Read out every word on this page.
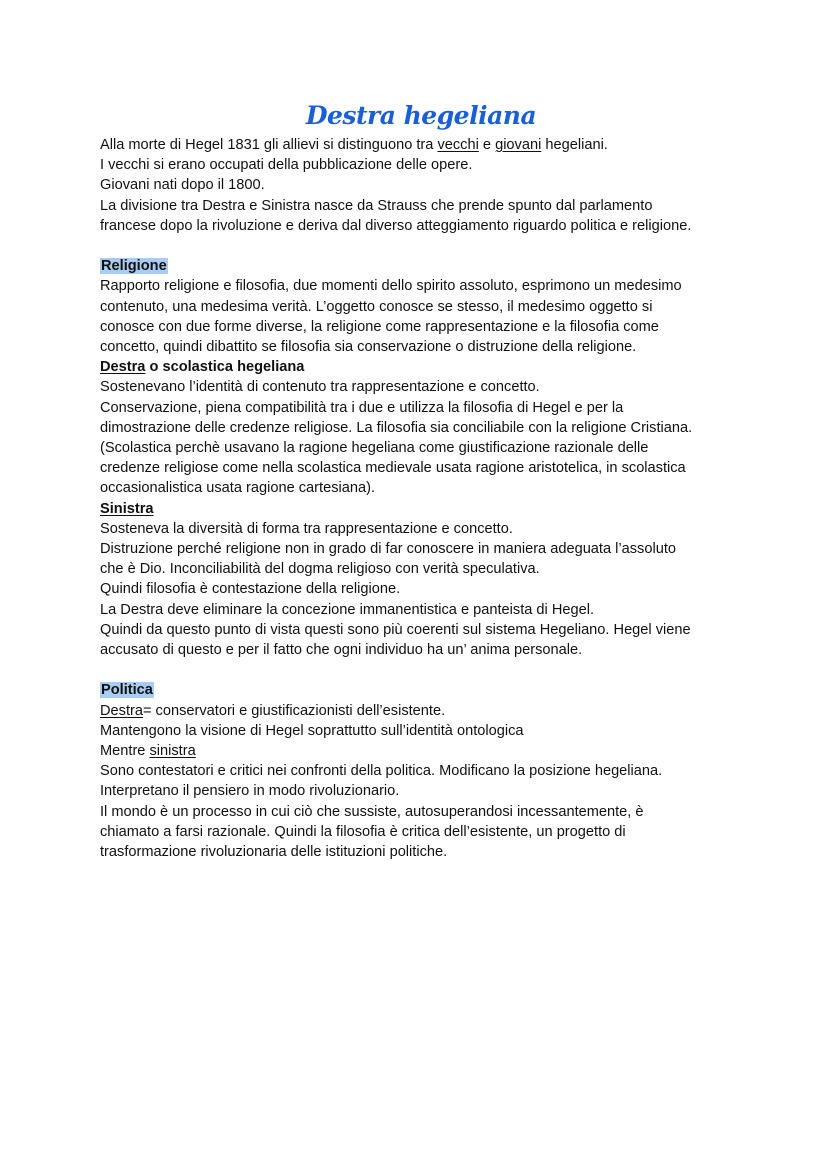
Destra hegeliana
Alla morte di Hegel 1831 gli allievi si distinguono tra vecchi e giovani hegeliani.
I vecchi si erano occupati della pubblicazione delle opere.
Giovani nati dopo il 1800.
La divisione tra Destra e Sinistra nasce da Strauss che prende spunto dal parlamento
francese dopo la rivoluzione e deriva dal diverso atteggiamento riguardo politica e religione.
Religione
Rapporto religione e filosofia, due momenti dello spirito assoluto, esprimono un medesimo
contenuto, una medesima verità. L’oggetto conosce se stesso, il medesimo oggetto si
conosce con due forme diverse, la religione come rappresentazione e la filosofia come
concetto, quindi dibattito se filosofia sia conservazione o distruzione della religione.
Destra o scolastica hegeliana
Sostenevano l’identità di contenuto tra rappresentazione e concetto.
Conservazione, piena compatibilità tra i due e utilizza la filosofia di Hegel e per la
dimostrazione delle credenze religiose. La filosofia sia conciliabile con la religione Cristiana.
(Scolastica perchè usavano la ragione hegeliana come giustificazione razionale delle
credenze religiose come nella scolastica medievale usata ragione aristotelica, in scolastica
occasionalistica usata ragione cartesiana).
Sinistra
Sosteneva la diversità di forma tra rappresentazione e concetto.
Distruzione perché religione non in grado di far conoscere in maniera adeguata l’assoluto
che è Dio. Inconciliabilità del dogma religioso con verità speculativa.
Quindi filosofia è contestazione della religione.
La Destra deve eliminare la concezione immanentistica e panteista di Hegel.
Quindi da questo punto di vista questi sono più coerenti sul sistema Hegeliano. Hegel viene
accusato di questo e per il fatto che ogni individuo ha un’ anima personale.
Politica
Destra= conservatori e giustificazionisti dell’esistente.
Mantengono la visione di Hegel soprattutto sull’identità ontologica
Mentre sinistra
Sono contestatori e critici nei confronti della politica. Modificano la posizione hegeliana.
Interpretano il pensiero in modo rivoluzionario.
Il mondo è un processo in cui ciò che sussiste, autosuperandosi incessantemente, è
chiamato a farsi razionale. Quindi la filosofia è critica dell’esistente, un progetto di
trasformazione rivoluzionaria delle istituzioni politiche.
